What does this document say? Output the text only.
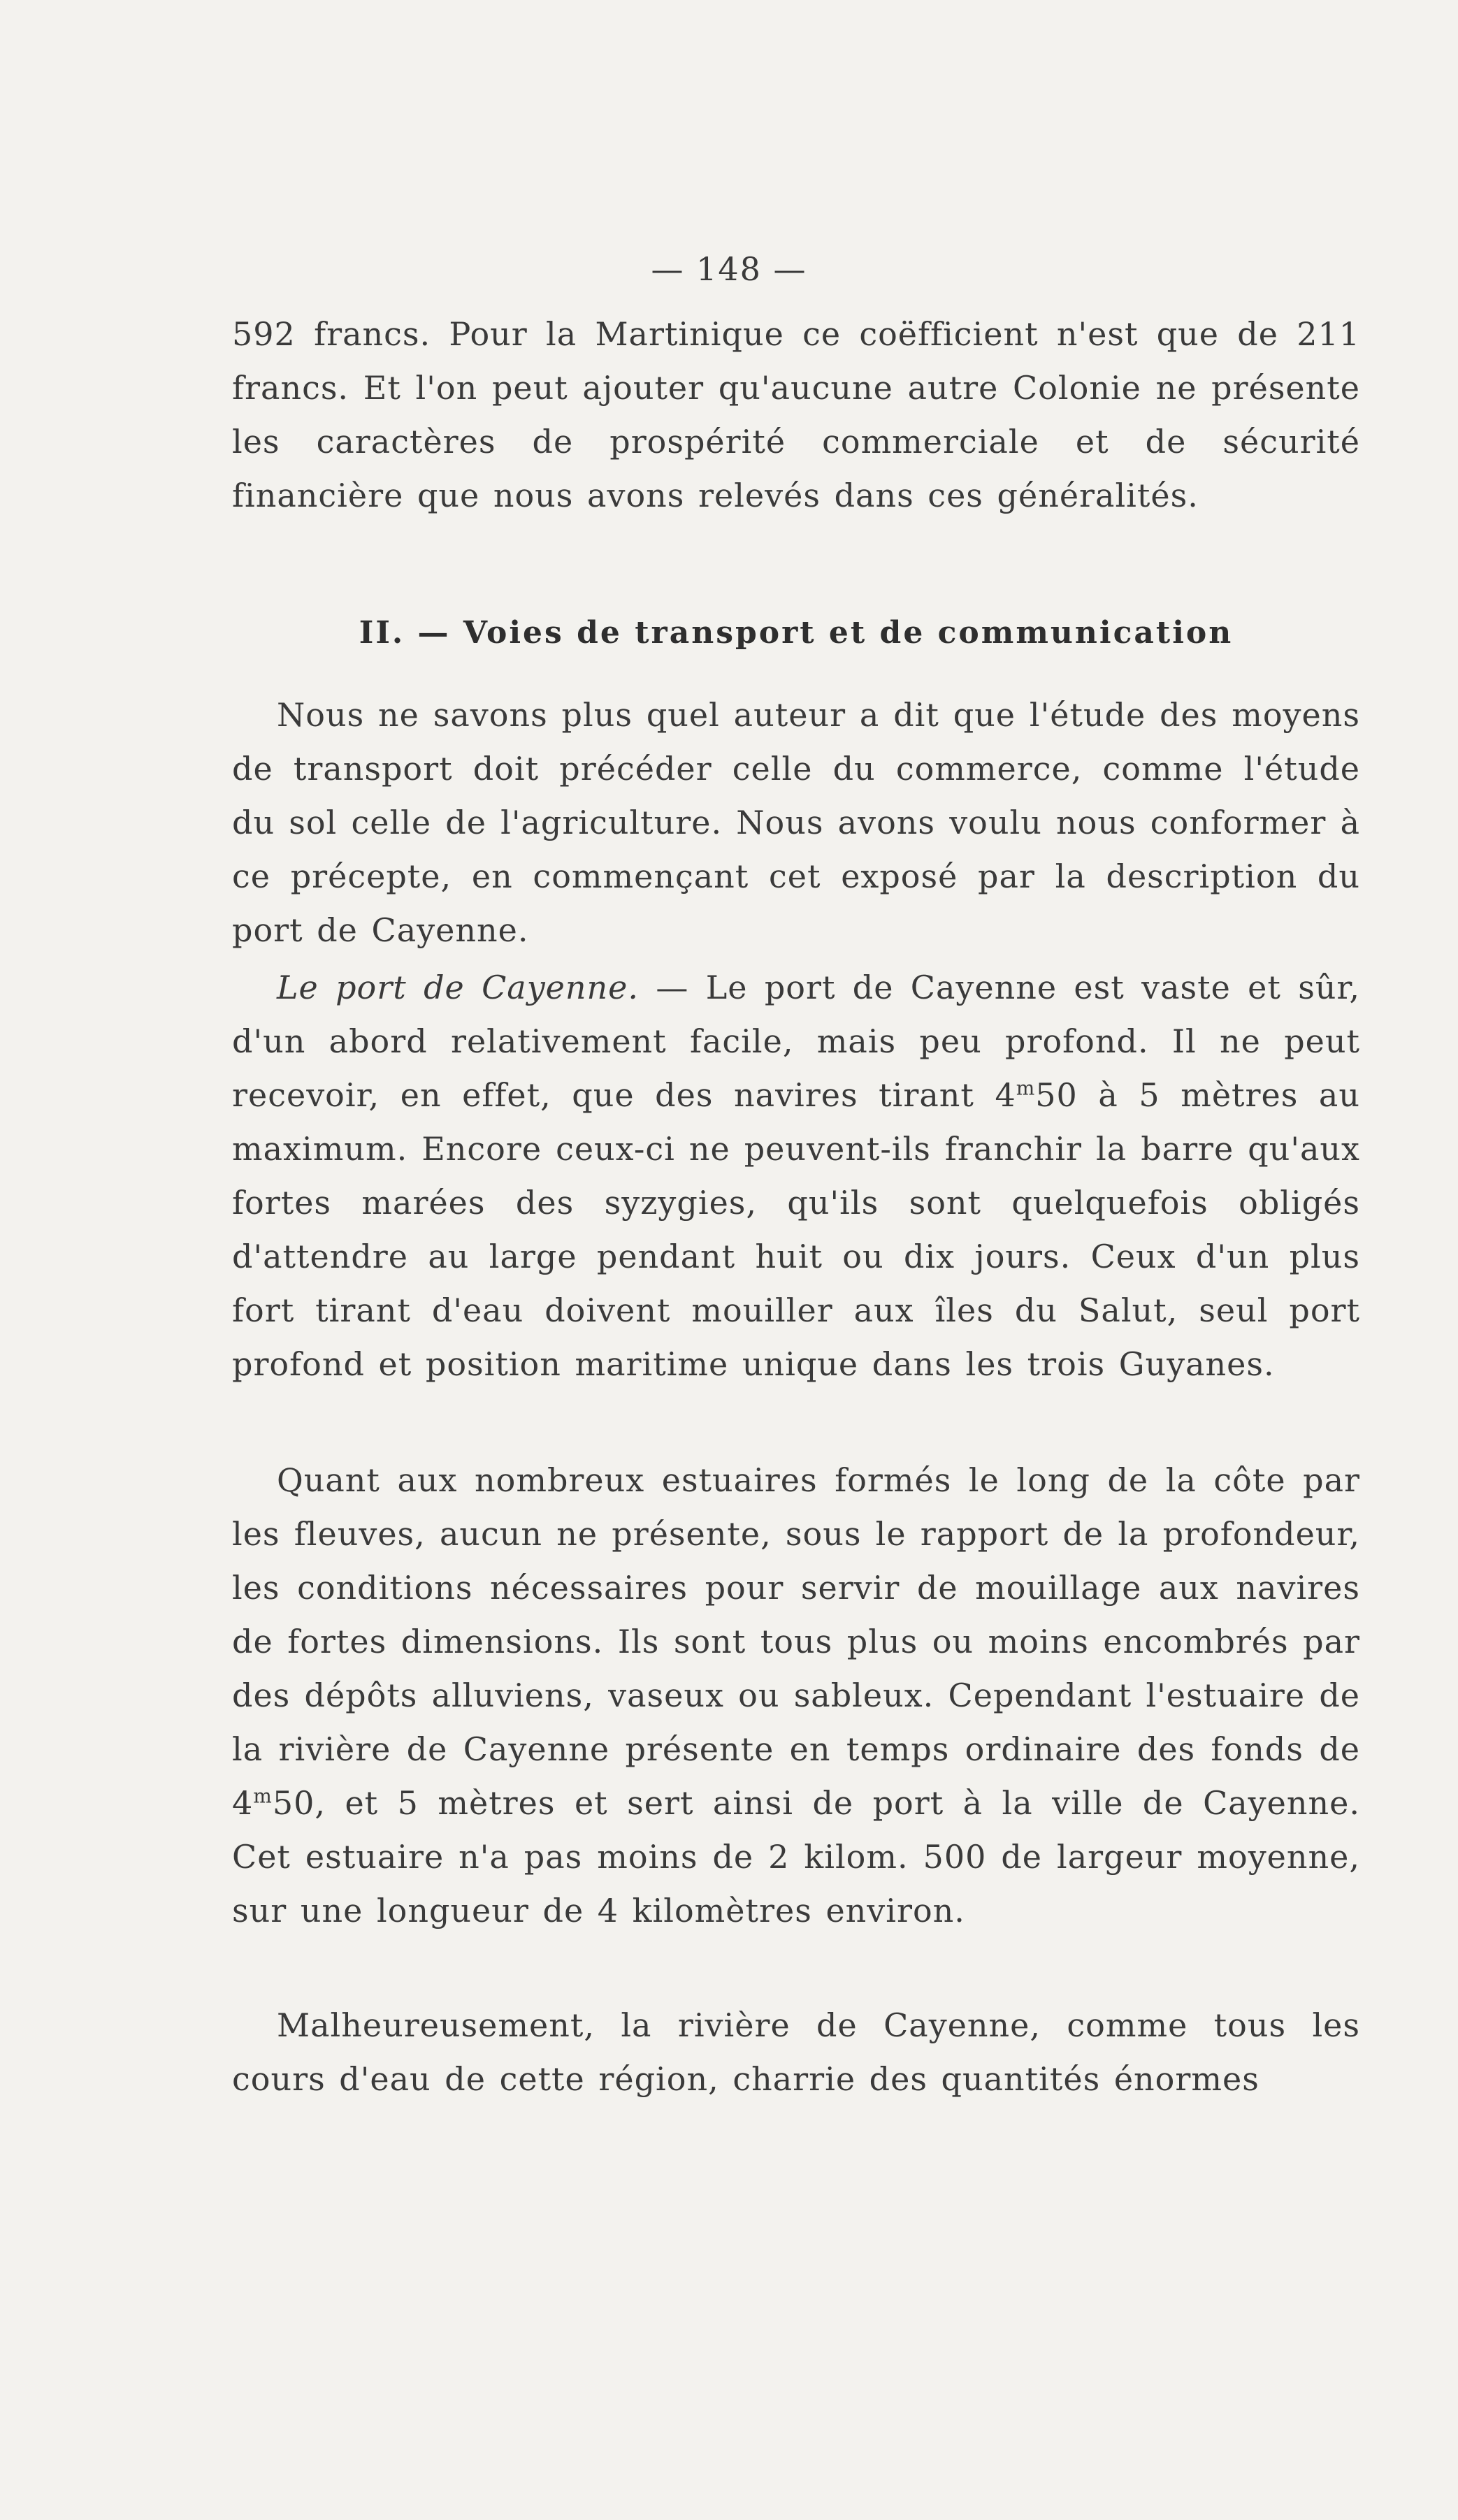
— 148 —

592 francs. Pour la Martinique ce coëfficient n'est que de 211 francs. Et l'on peut ajouter qu'aucune autre Colonie ne présente les caractères de prospérité commerciale et de sécurité financière que nous avons relevés dans ces généralités.

II. — Voies de transport et de communication

Nous ne savons plus quel auteur a dit que l'étude des moyens de transport doit précéder celle du commerce, comme l'étude du sol celle de l'agriculture. Nous avons voulu nous conformer à ce précepte, en commençant cet exposé par la description du port de Cayenne.

Le port de Cayenne. — Le port de Cayenne est vaste et sûr, d'un abord relativement facile, mais peu profond. Il ne peut recevoir, en effet, que des navires tirant 4$^m$50 à 5 mètres au maximum. Encore ceux-ci ne peuvent-ils franchir la barre qu'aux fortes marées des syzygies, qu'ils sont quelquefois obligés d'attendre au large pendant huit ou dix jours. Ceux d'un plus fort tirant d'eau doivent mouiller aux îles du Salut, seul port profond et position maritime unique dans les trois Guyanes.

Quant aux nombreux estuaires formés le long de la côte par les fleuves, aucun ne présente, sous le rapport de la profondeur, les conditions nécessaires pour servir de mouillage aux navires de fortes dimensions. Ils sont tous plus ou moins encombrés par des dépôts alluviens, vaseux ou sableux. Cependant l'estuaire de la rivière de Cayenne présente en temps ordinaire des fonds de 4$^m$50, et 5 mètres et sert ainsi de port à la ville de Cayenne. Cet estuaire n'a pas moins de 2 kilom. 500 de largeur moyenne, sur une longueur de 4 kilomètres environ.

Malheureusement, la rivière de Cayenne, comme tous les cours d'eau de cette région, charrie des quantités énormes
